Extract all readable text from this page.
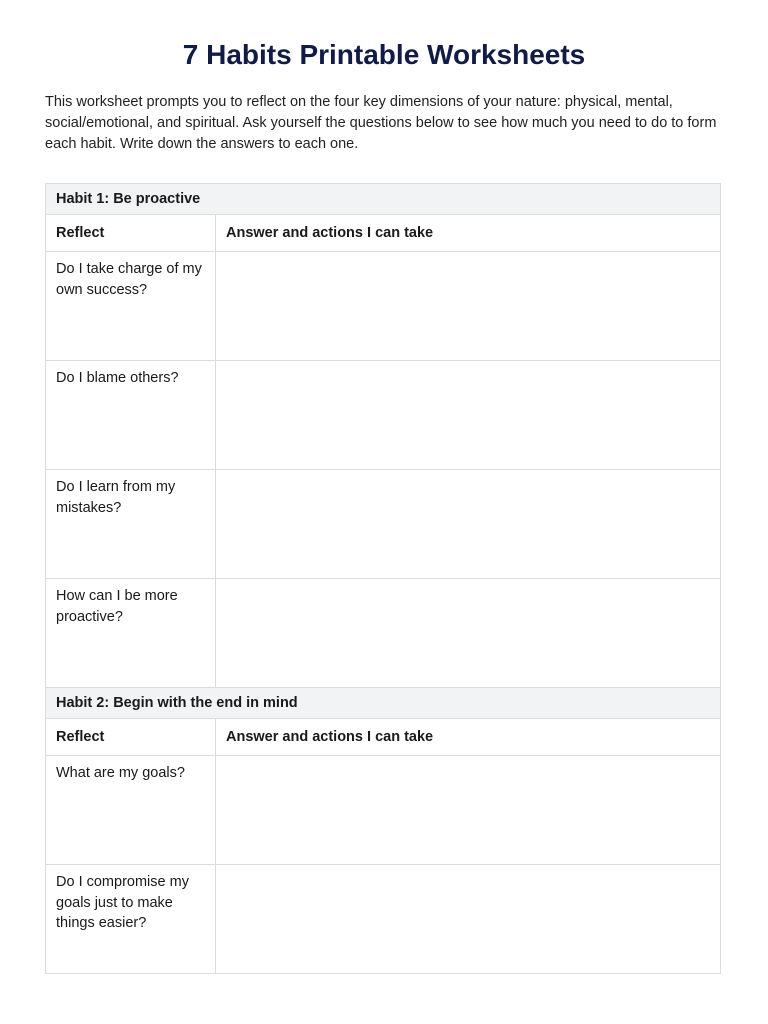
7 Habits Printable Worksheets

This worksheet prompts you to reflect on the four key dimensions of your nature: physical, mental, social/emotional, and spiritual. Ask yourself the questions below to see how much you need to do to form each habit. Write down the answers to each one.

Habit 1: Be proactive	
Reflect	Answer and actions I can take
Do I take charge of my own success?	
Do I blame others?	
Do I learn from my mistakes?	
How can I be more proactive?	
Habit 2: Begin with the end in mind	
Reflect	Answer and actions I can take
What are my goals?	
Do I compromise my goals just to make things easier?	
